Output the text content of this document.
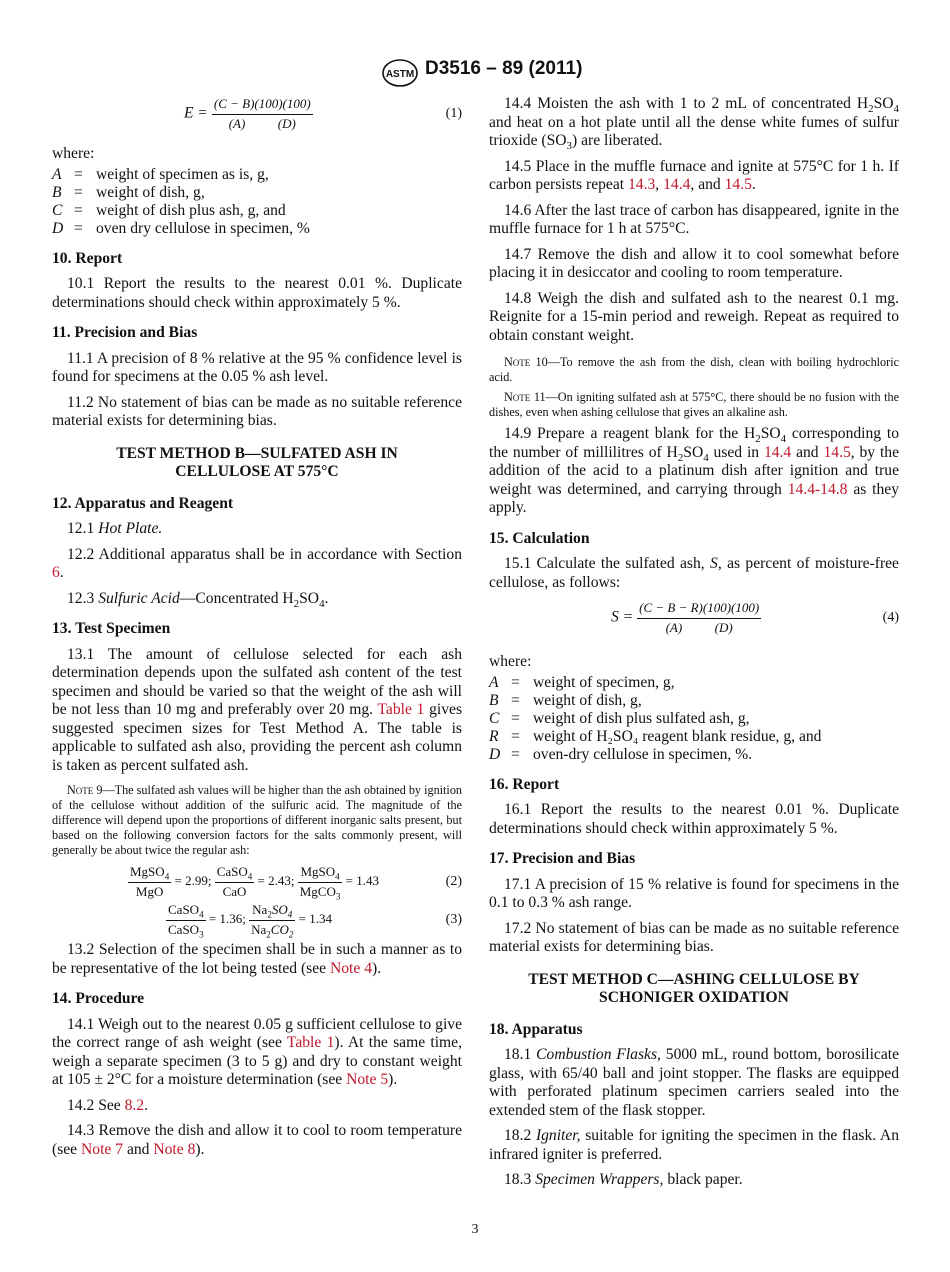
ASTM D3516 – 89 (2011)
$E = \frac{(C - B)(100)(100)}{(A) (D)}$	(1)
where:
A = weight of specimen as is, g,
B = weight of dish, g,
C = weight of dish plus ash, g, and
D = oven dry cellulose in specimen, %
10. Report

10.1 Report the results to the nearest 0.01 %. Duplicate determinations should check within approximately 5 %.

11. Precision and Bias

11.1 A precision of 8 % relative at the 95 % confidence level is found for specimens at the 0.05 % ash level.

11.2 No statement of bias can be made as no suitable reference material exists for determining bias.

TEST METHOD B—SULFATED ASH IN
CELLULOSE AT 575°C
12. Apparatus and Reagent

12.1 Hot Plate.

12.2 Additional apparatus shall be in accordance with Section 6.

12.3 Sulfuric Acid—Concentrated $H_2SO_4$.

13. Test Specimen

13.1 The amount of cellulose selected for each ash determination depends upon the sulfated ash content of the test specimen and should be varied so that the weight of the ash will be not less than 10 mg and preferably over 20 mg. Table 1 gives suggested specimen sizes for Test Method A. The table is applicable to sulfated ash also, providing the percent ash column is taken as percent sulfated ash.

Note 9—The sulfated ash values will be higher than the ash obtained by ignition of the cellulose without addition of the sulfuric acid. The magnitude of the difference will depend upon the proportions of different inorganic salts present, but based on the following conversion factors for the salts commonly present, will generally be about twice the regular ash:

$\frac{MgSO_4}{\text{MgO}} = 2.99$; $\frac{CaSO_4}{\text{CaO}} = 2.43$; $\frac{MgSO_4}{MgCO_3} = 1.43$	(2)
$\frac{CaSO_4}{CaSO_3} = 1.36$; $\frac{Na_2SO_4}{Na_2CO_2} = 1.34$	(3)

13.2 Selection of the specimen shall be in such a manner as to be representative of the lot being tested (see Note 4).

14. Procedure

14.1 Weigh out to the nearest 0.05 g sufficient cellulose to give the correct range of ash weight (see Table 1). At the same time, weigh a separate specimen (3 to 5 g) and dry to constant weight at 105 ± 2°C for a moisture determination (see Note 5).

14.2 See 8.2.

14.3 Remove the dish and allow it to cool to room temperature (see Note 7 and Note 8).

14.4 Moisten the ash with 1 to 2 mL of concentrated $H_2SO_4$ and heat on a hot plate until all the dense white fumes of sulfur trioxide $(SO_3)$ are liberated.

14.5 Place in the muffle furnace and ignite at 575°C for 1 h. If carbon persists repeat 14.3, 14.4, and 14.5.

14.6 After the last trace of carbon has disappeared, ignite in the muffle furnace for 1 h at 575°C.

14.7 Remove the dish and allow it to cool somewhat before placing it in desiccator and cooling to room temperature.

14.8 Weigh the dish and sulfated ash to the nearest 0.1 mg. Reignite for a 15-min period and reweigh. Repeat as required to obtain constant weight.

Note 10—To remove the ash from the dish, clean with boiling hydrochloric acid.

Note 11—On igniting sulfated ash at 575°C, there should be no fusion with the dishes, even when ashing cellulose that gives an alkaline ash.

14.9 Prepare a reagent blank for the $H_2SO_4$ corresponding to the number of millilitres of $H_2SO_4$ used in 14.4 and 14.5, by the addition of the acid to a platinum dish after ignition and true weight was determined, and carrying through 14.4-14.8 as they apply.

15. Calculation

15.1 Calculate the sulfated ash, S, as percent of moisture-free cellulose, as follows:

$S = \frac{(C - B - R)(100)(100)}{(A) (D)}$	(4)
where:
A = weight of specimen, g,
B = weight of dish, g,
C = weight of dish plus sulfated ash, g,
R = weight of H₂SO₄ reagent blank residue, g, and
D = oven-dry cellulose in specimen, %.
16. Report

16.1 Report the results to the nearest 0.01 %. Duplicate determinations should check within approximately 5 %.

17. Precision and Bias

17.1 A precision of 15 % relative is found for specimens in the 0.1 to 0.3 % ash range.

17.2 No statement of bias can be made as no suitable reference material exists for determining bias.

TEST METHOD C—ASHING CELLULOSE BY
SCHONIGER OXIDATION
18. Apparatus

18.1 Combustion Flasks, 5000 mL, round bottom, borosilicate glass, with 65/40 ball and joint stopper. The flasks are equipped with perforated platinum specimen carriers sealed into the extended stem of the flask stopper.

18.2 Igniter, suitable for igniting the specimen in the flask. An infrared igniter is preferred.

18.3 Specimen Wrappers, black paper.

3
